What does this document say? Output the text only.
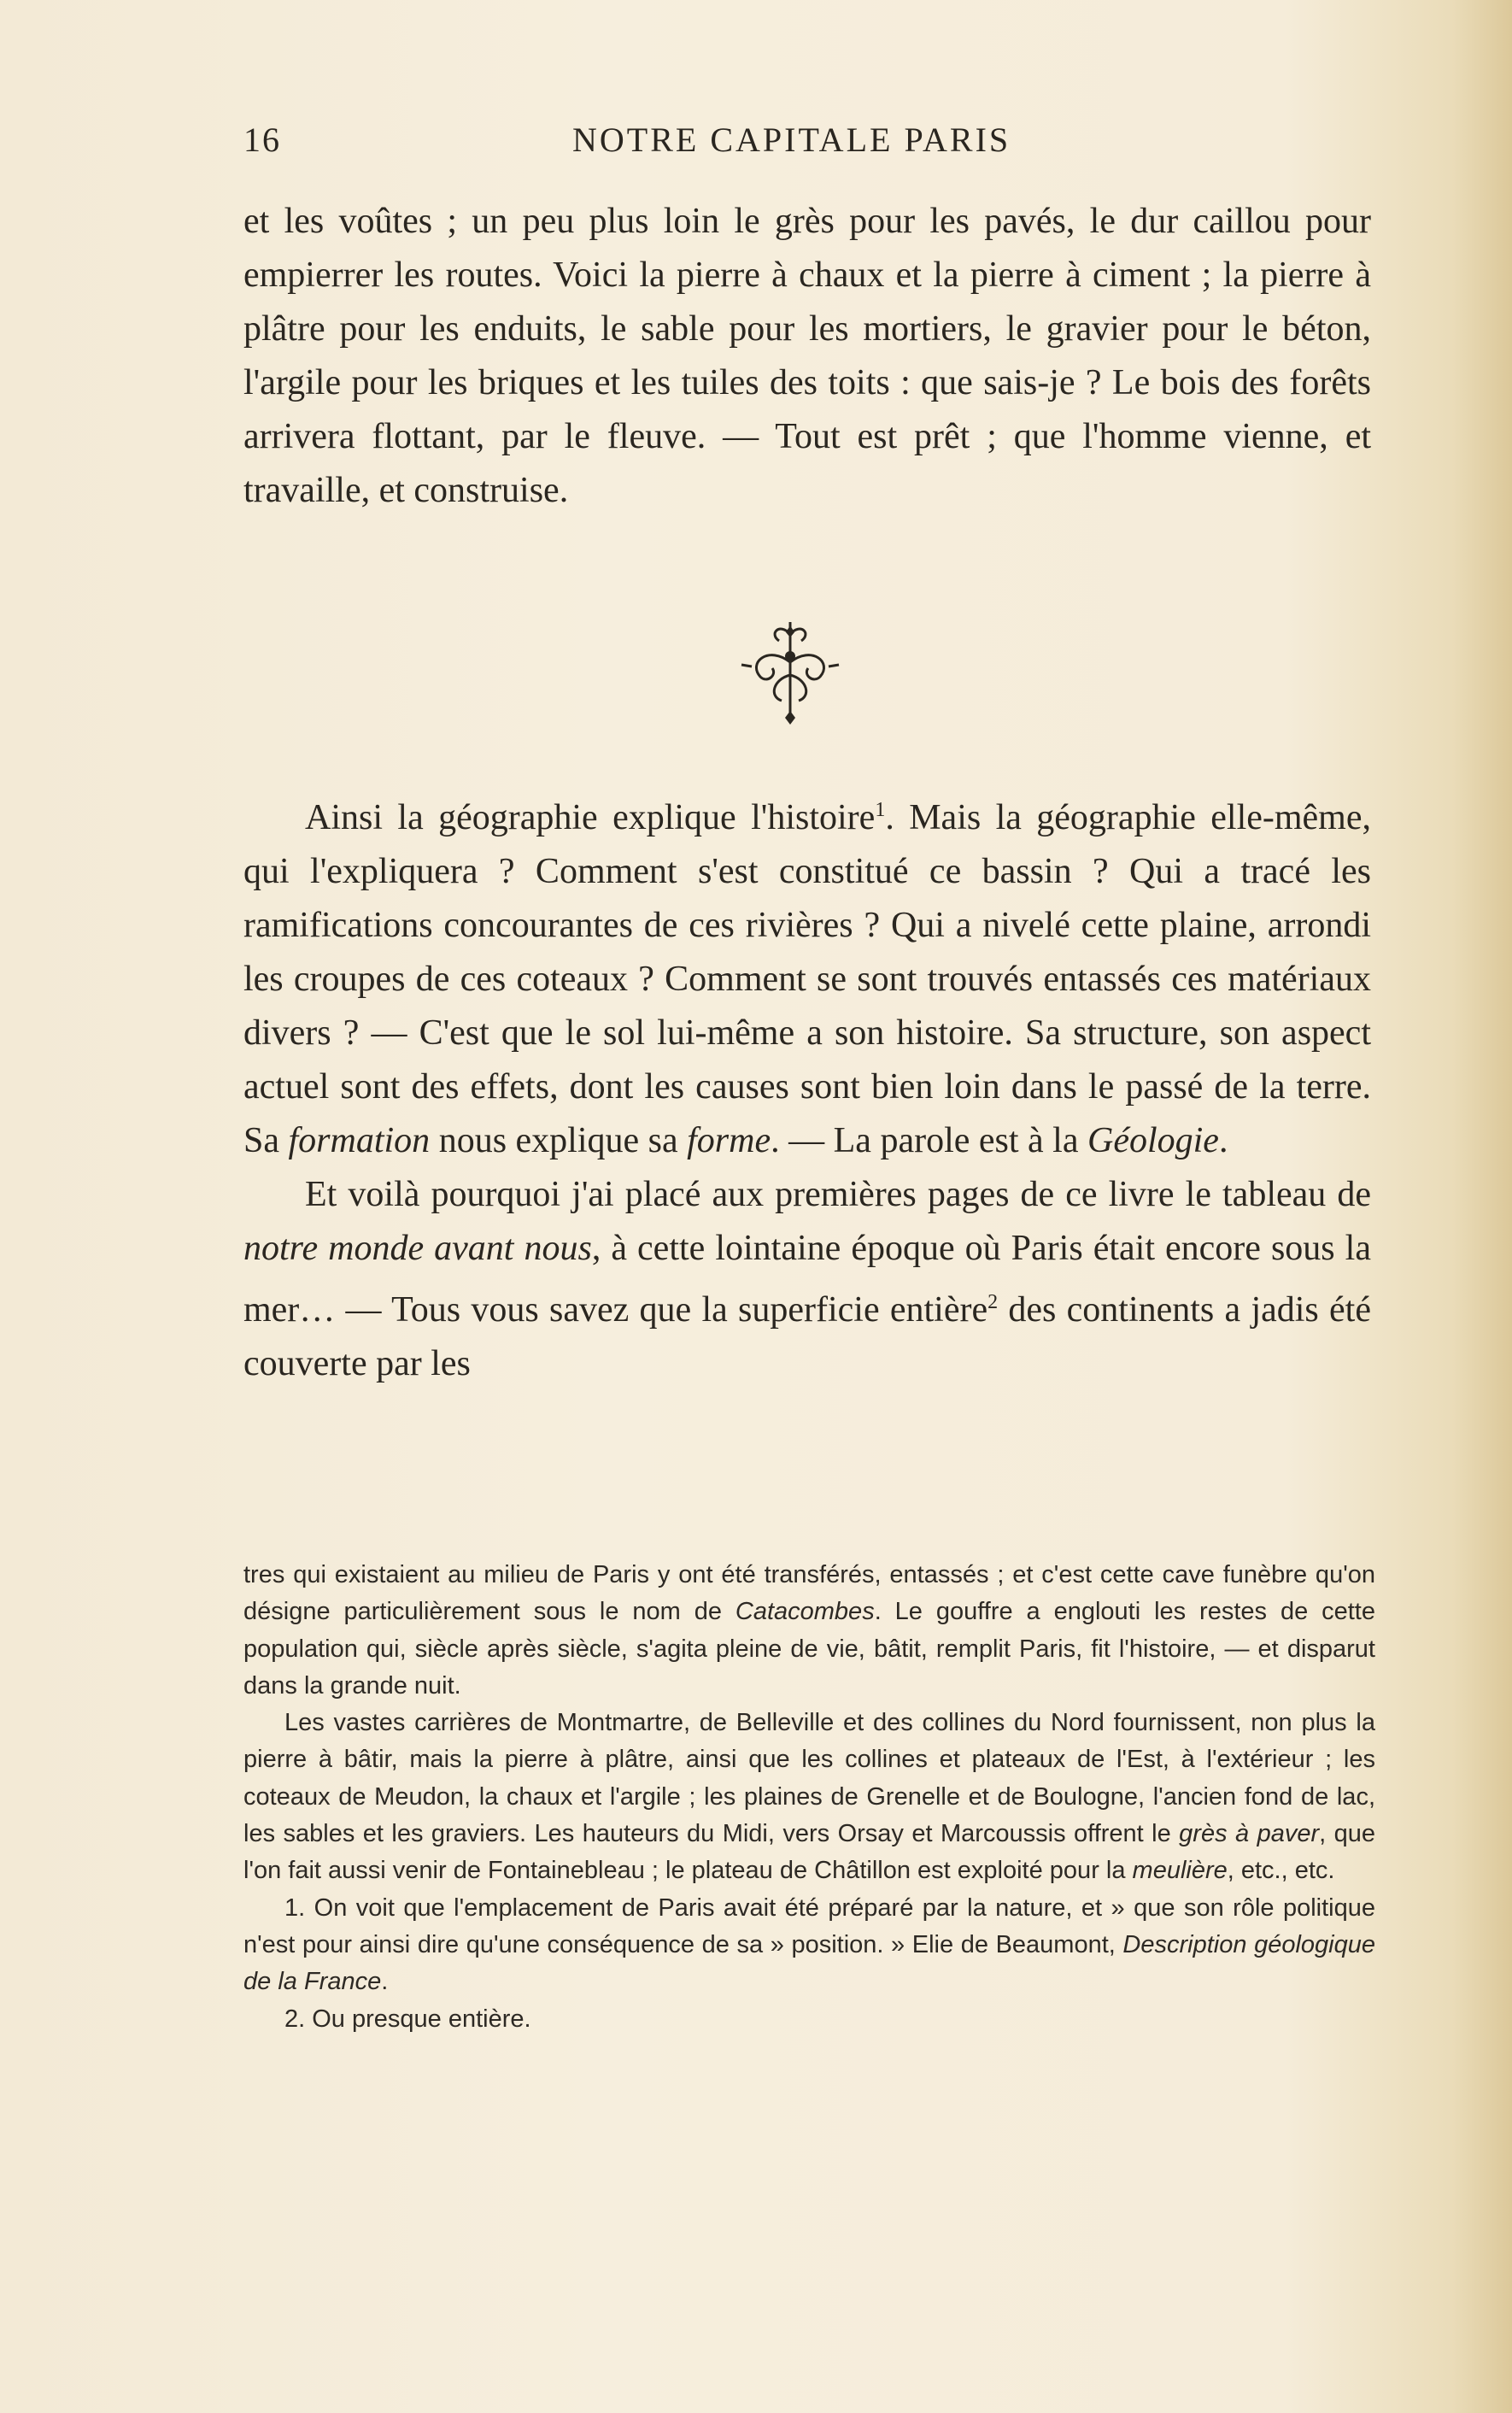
16	NOTRE CAPITALE PARIS

et les voûtes ; un peu plus loin le grès pour les pavés, le dur caillou pour empierrer les routes. Voici la pierre à chaux et la pierre à ciment ; la pierre à plâtre pour les enduits, le sable pour les mortiers, le gravier pour le béton, l'argile pour les briques et les tuiles des toits : que sais-je ? Le bois des forêts arrivera flottant, par le fleuve. — Tout est prêt ; que l'homme vienne, et travaille, et construise.

Ainsi la géographie explique l'histoire$^1$. Mais la géographie elle-même, qui l'expliquera ? Comment s'est constitué ce bassin ? Qui a tracé les ramifications concourantes de ces rivières ? Qui a nivelé cette plaine, arrondi les croupes de ces coteaux ? Comment se sont trouvés entassés ces matériaux divers ? — C'est que le sol lui-même a son histoire. Sa structure, son aspect actuel sont des effets, dont les causes sont bien loin dans le passé de la terre. Sa formation nous explique sa forme. — La parole est à la Géologie.

Et voilà pourquoi j'ai placé aux premières pages de ce livre le tableau de notre monde avant nous, à cette lointaine époque où Paris était encore sous la mer… — Tous vous savez que la superficie entière$^2$ des continents a jadis été couverte par les

tres qui existaient au milieu de Paris y ont été transférés, entassés ; et c'est cette cave funèbre qu'on désigne particulièrement sous le nom de Catacombes. Le gouffre a englouti les restes de cette population qui, siècle après siècle, s'agita pleine de vie, bâtit, remplit Paris, fit l'histoire, — et disparut dans la grande nuit.

Les vastes carrières de Montmartre, de Belleville et des collines du Nord fournissent, non plus la pierre à bâtir, mais la pierre à plâtre, ainsi que les collines et plateaux de l'Est, à l'extérieur ; les coteaux de Meudon, la chaux et l'argile ; les plaines de Grenelle et de Boulogne, l'ancien fond de lac, les sables et les graviers. Les hauteurs du Midi, vers Orsay et Marcoussis offrent le grès à paver, que l'on fait aussi venir de Fontainebleau ; le plateau de Châtillon est exploité pour la meulière, etc., etc.

1. On voit que l'emplacement de Paris avait été préparé par la nature, et » que son rôle politique n'est pour ainsi dire qu'une conséquence de sa » position. » Elie de Beaumont, Description géologique de la France.

2. Ou presque entière.
